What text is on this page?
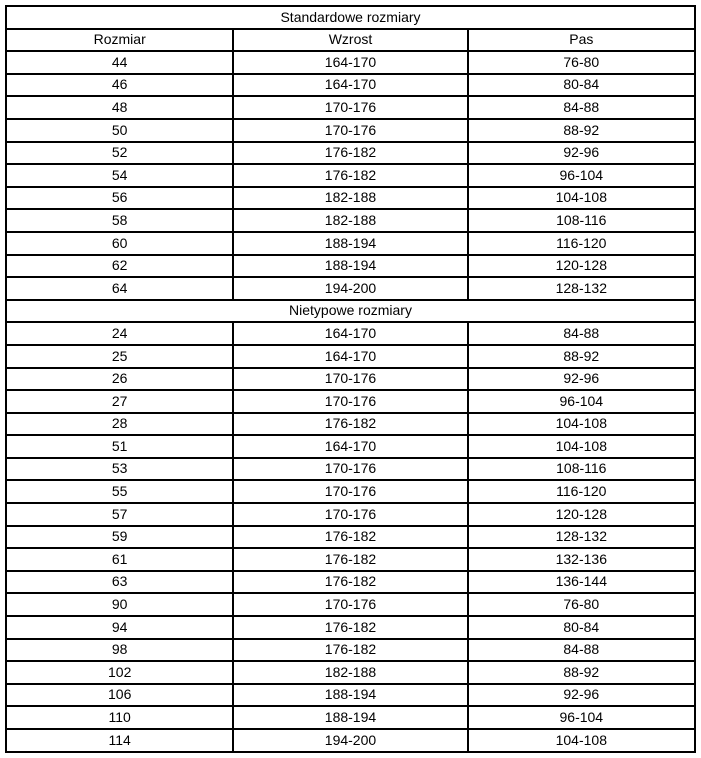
Standardowe rozmiary		
Rozmiar	Wzrost	Pas
44	164-170	76-80
46	164-170	80-84
48	170-176	84-88
50	170-176	88-92
52	176-182	92-96
54	176-182	96-104
56	182-188	104-108
58	182-188	108-116
60	188-194	116-120
62	188-194	120-128
64	194-200	128-132
Nietypowe rozmiary		
24	164-170	84-88
25	164-170	88-92
26	170-176	92-96
27	170-176	96-104
28	176-182	104-108
51	164-170	104-108
53	170-176	108-116
55	170-176	116-120
57	170-176	120-128
59	176-182	128-132
61	176-182	132-136
63	176-182	136-144
90	170-176	76-80
94	176-182	80-84
98	176-182	84-88
102	182-188	88-92
106	188-194	92-96
110	188-194	96-104
114	194-200	104-108
